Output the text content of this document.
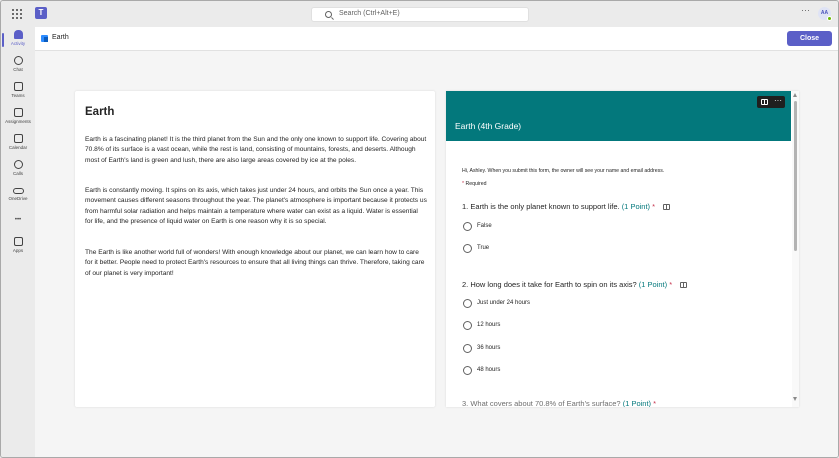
T	Search (Ctrl+Alt+E)	···	AA
Activity
Chat
Teams
Assignments
Calendar
Calls
OneDrive
•••
Apps
Earth	Close
Earth

Earth is a fascinating planet! It is the third planet from the Sun and the only one known to support life. Covering about 70.8% of its surface is a vast ocean, while the rest is land, consisting of mountains, forests, and deserts. Although most of Earth's land is green and lush, there are also large areas covered by ice at the poles.

Earth is constantly moving. It spins on its axis, which takes just under 24 hours, and orbits the Sun once a year. This movement causes different seasons throughout the year. The planet's atmosphere is important because it protects us from harmful solar radiation and helps maintain a temperature where water can exist as a liquid. Water is essential for life, and the presence of liquid water on Earth is one reason why it is so special.

The Earth is like another world full of wonders! With enough knowledge about our planet, we can learn how to care for it better. People need to protect Earth's resources to ensure that all living things can thrive. Therefore, taking care of our planet is very important!

···
Earth (4th Grade)
Hi, Ashley. When you submit this form, the owner will see your name and email address.
* Required
1. Earth is the only planet known to support life. (1 Point) *
False
True
2. How long does it take for Earth to spin on its axis? (1 Point) *
Just under 24 hours
12 hours
36 hours
48 hours
3. What covers about 70.8% of Earth's surface? (1 Point) *
